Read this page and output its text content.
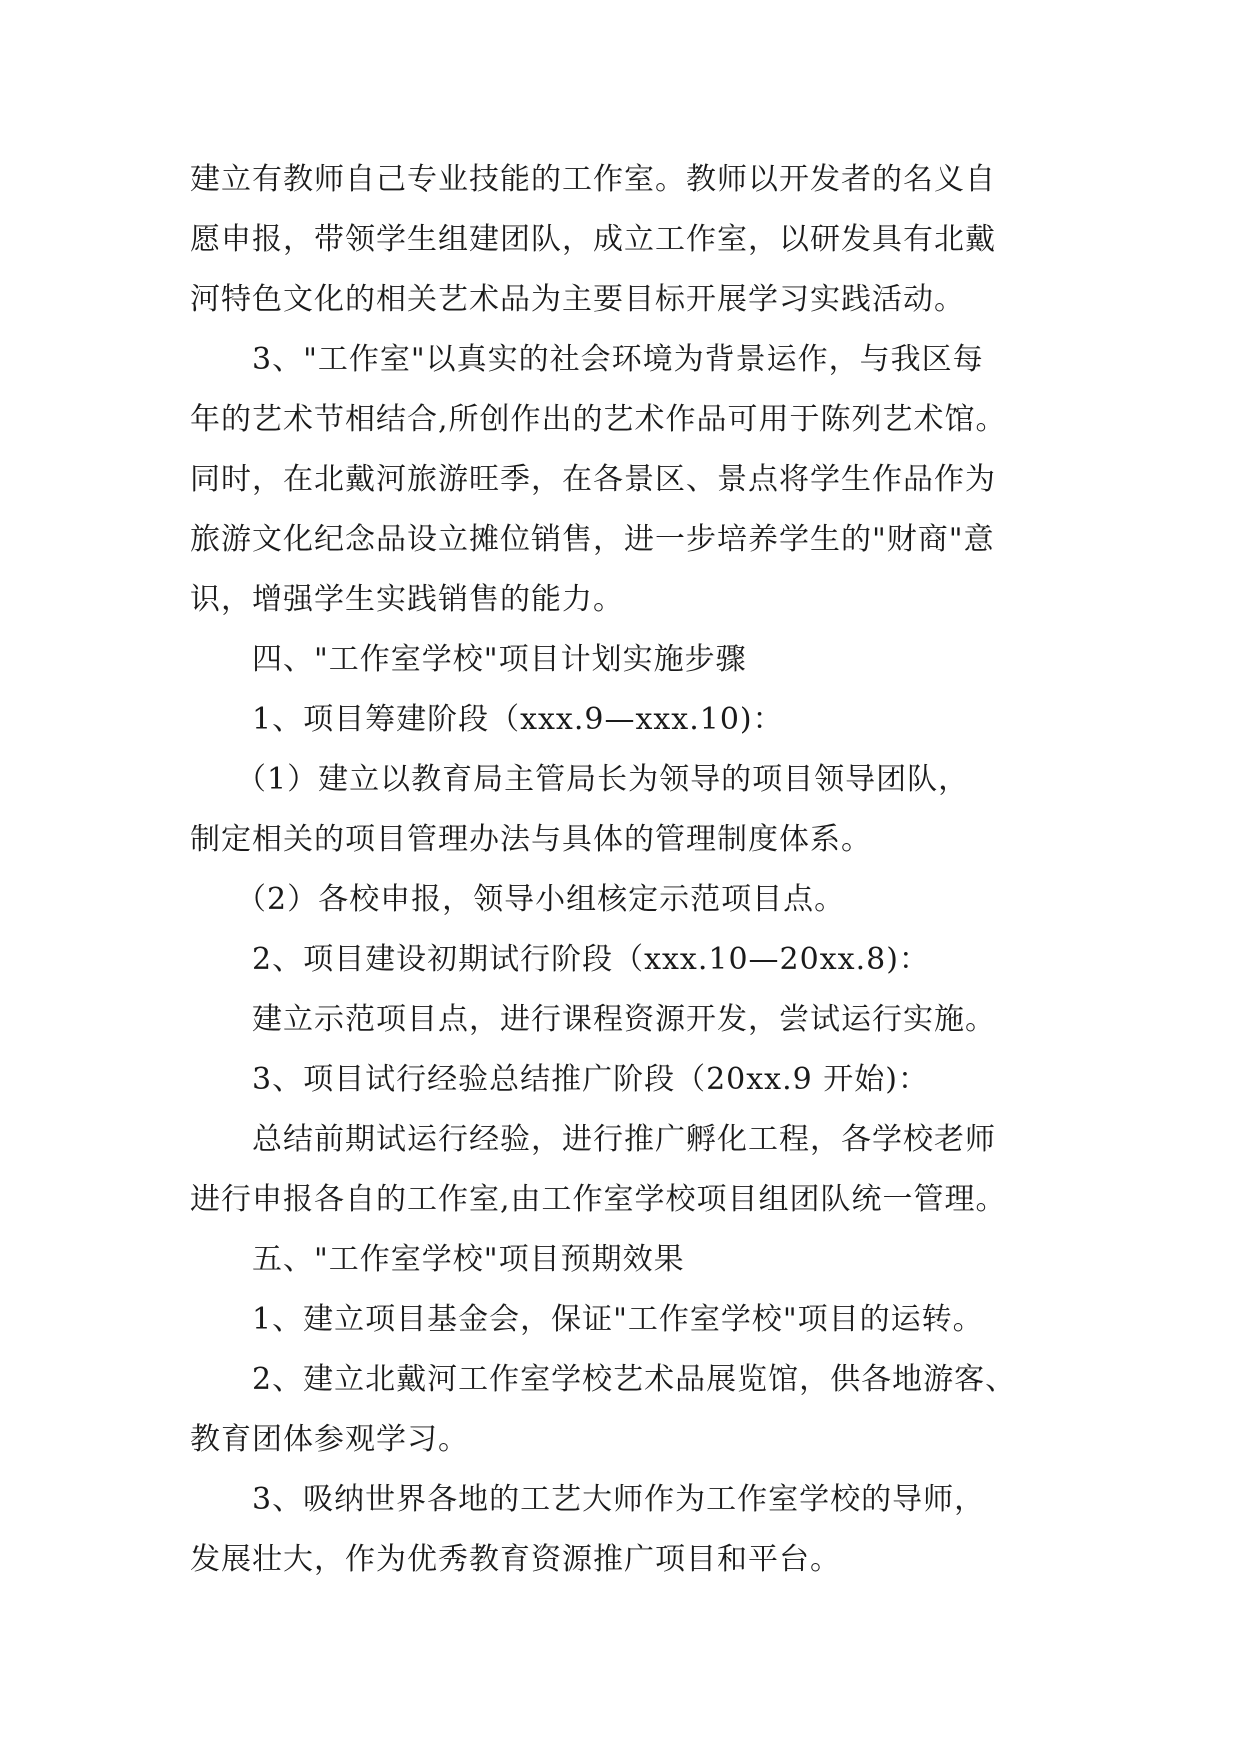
建立有教师自己专业技能的工作室。教师以开发者的名义自
愿申报，带领学生组建团队，成立工作室，以研发具有北戴
河特色文化的相关艺术品为主要目标开展学习实践活动。
3、"工作室"以真实的社会环境为背景运作，与我区每
年的艺术节相结合,所创作出的艺术作品可用于陈列艺术馆。
同时，在北戴河旅游旺季，在各景区、景点将学生作品作为
旅游文化纪念品设立摊位销售，进一步培养学生的"财商"意
识，增强学生实践销售的能力。
四、"工作室学校"项目计划实施步骤
1、项目筹建阶段（xxx.9—xxx.10)：
（1）建立以教育局主管局长为领导的项目领导团队，
制定相关的项目管理办法与具体的管理制度体系。
（2）各校申报，领导小组核定示范项目点。
2、项目建设初期试行阶段（xxx.10—20xx.8)：
建立示范项目点，进行课程资源开发，尝试运行实施。
3、项目试行经验总结推广阶段（20xx.9 开始)：
总结前期试运行经验，进行推广孵化工程，各学校老师
进行申报各自的工作室,由工作室学校项目组团队统一管理。
五、"工作室学校"项目预期效果
1、建立项目基金会，保证"工作室学校"项目的运转。
2、建立北戴河工作室学校艺术品展览馆，供各地游客、
教育团体参观学习。
3、吸纳世界各地的工艺大师作为工作室学校的导师，
发展壮大，作为优秀教育资源推广项目和平台。
